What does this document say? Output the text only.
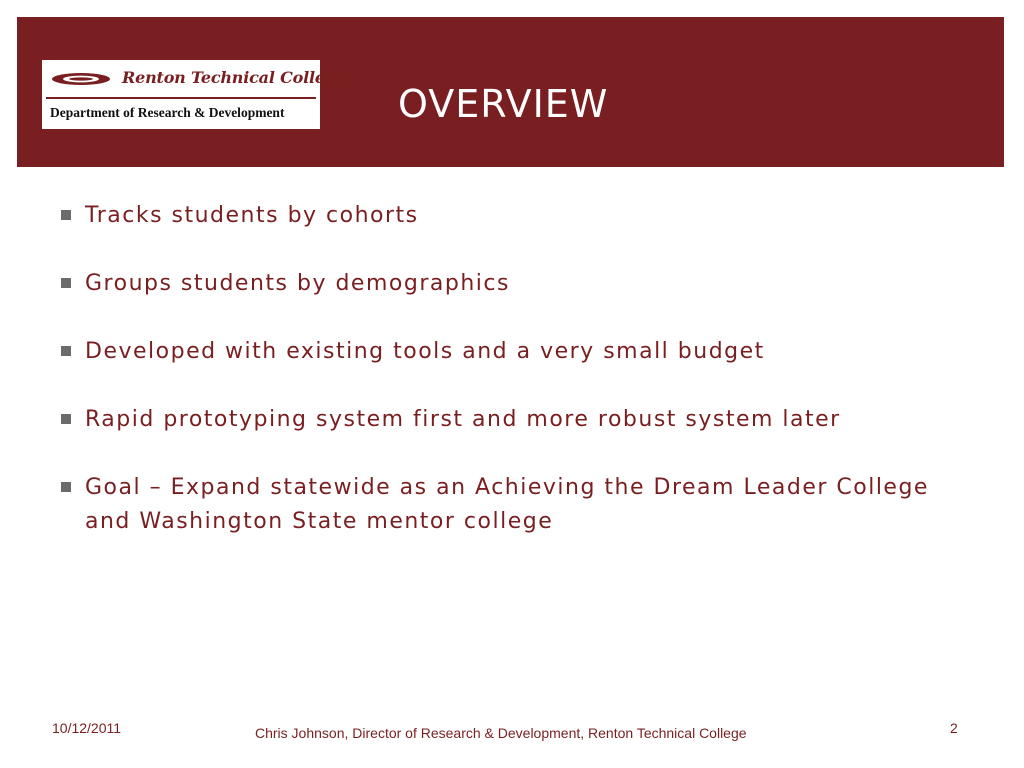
Renton Technical College
Department of Research & Development	OVERVIEW
Tracks students by cohorts
Groups students by demographics
Developed with existing tools and a very small budget
Rapid prototyping system first and more robust system later
Goal – Expand statewide as an Achieving the Dream Leader College and Washington State mentor college
10/12/2011	Chris Johnson, Director of Research & Development, Renton Technical College	2
